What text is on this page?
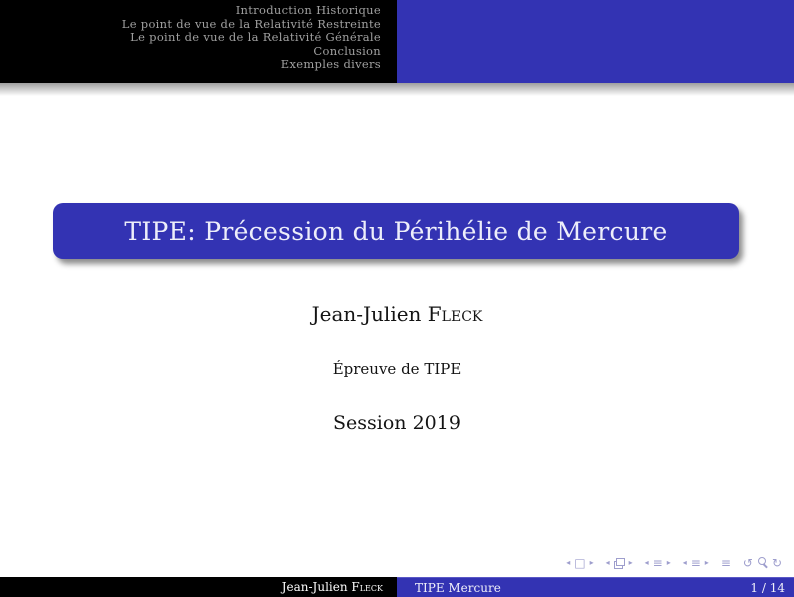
Introduction Historique
Le point de vue de la Relativité Restreinte
Le point de vue de la Relativité Générale
Conclusion
Exemples divers
TIPE: Précession du Périhélie de Mercure
Jean-Julien Fleck
Épreuve de TIPE
Session 2019
◂ □ ▸ ◂ ▸ ◂ ≡ ▸ ◂ ≡ ▸ ≡ ↺ ↻
Jean-Julien
Fleck	TIPE Mercure	1 / 14
